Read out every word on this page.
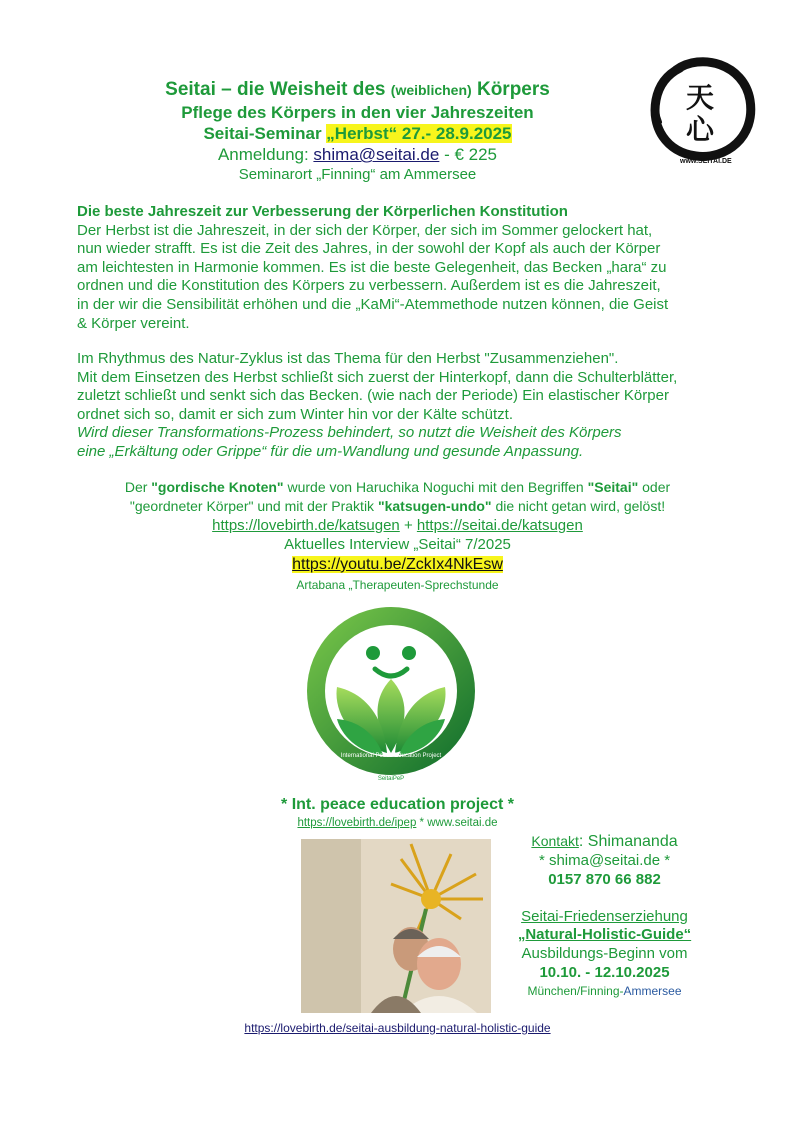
Seitai – die Weisheit des (weiblichen) Körpers
Pflege des Körpers in den vier Jahreszeiten
Seitai-Seminar „Herbst“ 27.- 28.9.2025
Anmeldung: shima@seitai.de - € 225
Seminarort „Finning“ am Ammersee
天
心
www.SEITAI.DE

Die beste Jahreszeit zur Verbesserung der Körperlichen Konstitution

Der Herbst ist die Jahreszeit, in der sich der Körper, der sich im Sommer gelockert hat,

nun wieder strafft. Es ist die Zeit des Jahres, in der sowohl der Kopf als auch der Körper

am leichtesten in Harmonie kommen. Es ist die beste Gelegenheit, das Becken „hara“ zu

ordnen und die Konstitution des Körpers zu verbessern. Außerdem ist es die Jahreszeit,

in der wir die Sensibilität erhöhen und die „KaMi“-Atemmethode nutzen können, die Geist

& Körper vereint.

Im Rhythmus des Natur-Zyklus ist das Thema für den Herbst "Zusammenziehen".

Mit dem Einsetzen des Herbst schließt sich zuerst der Hinterkopf, dann die Schulterblätter,

zuletzt schließt und senkt sich das Becken. (wie nach der Periode) Ein elastischer Körper

ordnet sich so, damit er sich zum Winter hin vor der Kälte schützt.

Wird dieser Transformations-Prozess behindert, so nutzt die Weisheit des Körpers

eine „Erkältung oder Grippe“ für die um-Wandlung und gesunde Anpassung.

Der "gordische Knoten" wurde von Haruchika Noguchi mit den Begriffen "Seitai" oder
"geordneter Körper" und mit der Praktik "katsugen-undo" die nicht getan wird, gelöst!
https://lovebirth.de/katsugen + https://seitai.de/katsugen
Aktuelles Interview „Seitai“ 7/2025
https://youtu.be/ZckIx4NkEsw
Artabana „Therapeuten-Sprechstunde
International Peace Education Project
SeitaiPeP
* Int. peace education project *
https://lovebirth.de/ipep * www.seitai.de
Kontakt: Shimananda
* shima@seitai.de *
0157 870 66 882
Seitai-Friedenserziehung
„Natural-Holistic-Guide“
Ausbildungs-Beginn vom
10.10. - 12.10.2025
München/Finning-Ammersee
https://lovebirth.de/seitai-ausbildung-natural-holistic-guide
